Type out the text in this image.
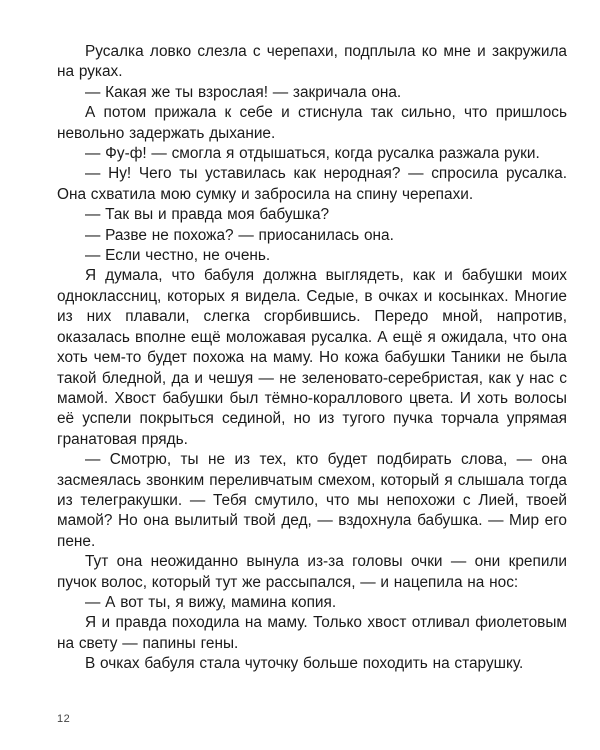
Русалка ловко слезла с черепахи, подплыла ко мне и закружила на руках.

— Какая же ты взрослая! — закричала она.

А потом прижала к себе и стиснула так сильно, что пришлось невольно задержать дыхание.

— Фу-ф! — смогла я отдышаться, когда русалка разжала руки.

— Ну! Чего ты уставилась как неродная? — спросила русалка. Она схватила мою сумку и забросила на спину черепахи.

— Так вы и правда моя бабушка?

— Разве не похожа? — приосанилась она.

— Если честно, не очень.

Я думала, что бабуля должна выглядеть, как и бабушки моих одноклассниц, которых я видела. Седые, в очках и косынках. Многие из них плавали, слегка сгорбившись. Передо мной, напротив, оказалась вполне ещё моложавая русалка. А ещё я ожидала, что она хоть чем-то будет похожа на маму. Но кожа бабушки Таники не была такой бледной, да и чешуя — не зеленовато-серебристая, как у нас с мамой. Хвост бабушки был тёмно-кораллового цвета. И хоть волосы её успели покрыться сединой, но из тугого пучка торчала упрямая гранатовая прядь.

— Смотрю, ты не из тех, кто будет подбирать слова, — она засмеялась звонким переливчатым смехом, который я слышала тогда из телегракушки. — Тебя смутило, что мы непохожи с Лией, твоей мамой? Но она вылитый твой дед, — вздохнула бабушка. — Мир его пене.

Тут она неожиданно вынула из-за головы очки — они крепили пучок волос, который тут же рассыпался, — и нацепила на нос:

— А вот ты, я вижу, мамина копия.

Я и правда походила на маму. Только хвост отливал фиолетовым на свету — папины гены.

В очках бабуля стала чуточку больше походить на старушку.

12
